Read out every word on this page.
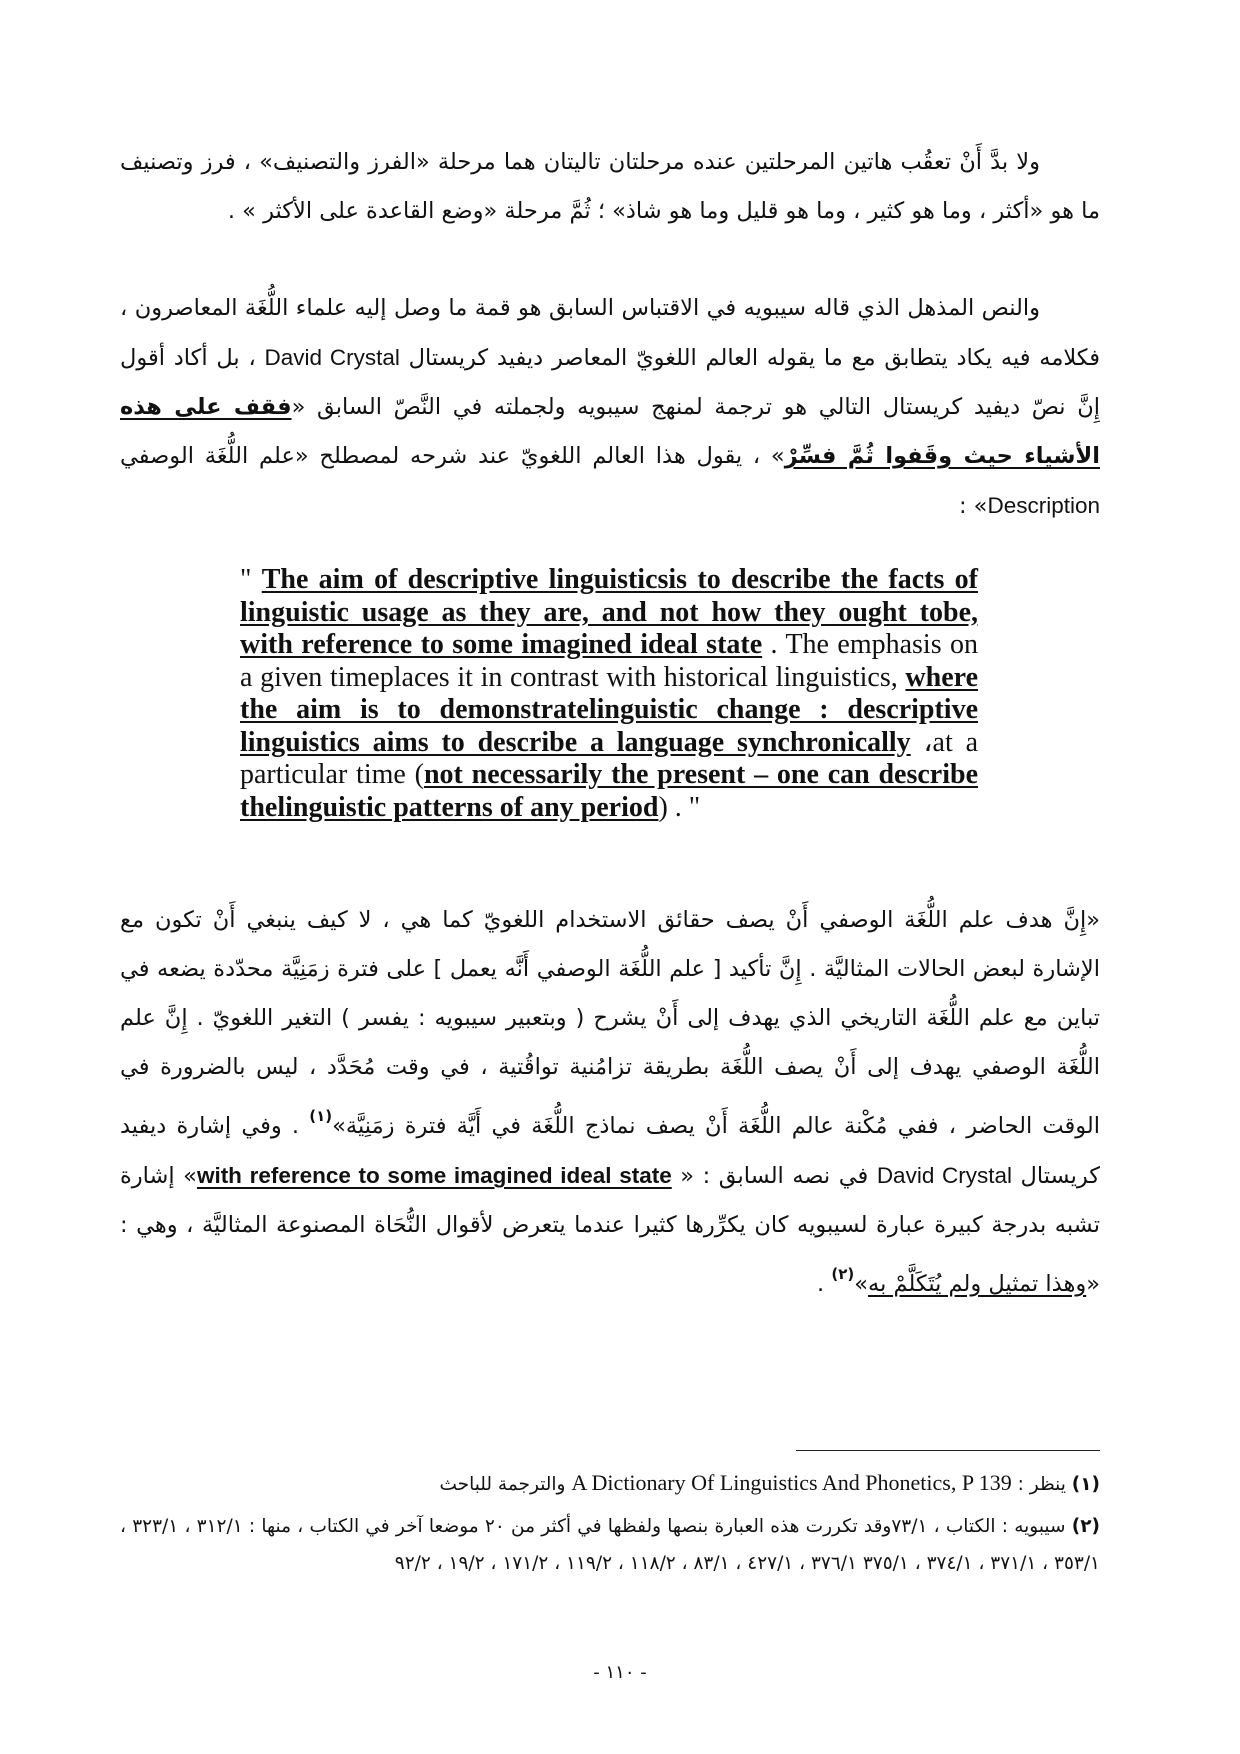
ولا بدَّ أَنْ تعقُب هاتين المرحلتين عنده مرحلتان تاليتان هما مرحلة «الفرز والتصنيف» ، فرز وتصنيف ما هو «أكثر ، وما هو كثير ، وما هو قليل وما هو شاذ» ؛ ثُمَّ مرحلة «وضع القاعدة على الأكثر » .

والنص المذهل الذي قاله سيبويه في الاقتباس السابق هو قمة ما وصل إليه علماء اللُّغَة المعاصرون ، فكلامه فيه يكاد يتطابق مع ما يقوله العالم اللغويّ المعاصر ديفيد كريستال David Crystal ، بل أكاد أقول إِنَّ نصّ ديفيد كريستال التالي هو ترجمة لمنهج سيبويه ولجملته في النَّصّ السابق «فقف على هذه الأشياء حيث وقَفوا ثُمَّ فسِّرْ» ، يقول هذا العالم اللغويّ عند شرحه لمصطلح «علم اللُّغَة الوصفي Description» :

" The aim of descriptive linguisticsis to describe the facts of linguistic usage as they are, and not how they ought tobe, with reference to some imagined ideal state . The emphasis on a given timeplaces it in contrast with historical linguistics, where the aim is to demonstratelinguistic change : descriptive linguistics aims to describe a language synchronically ،at a particular time (not necessarily the present – one can describe thelinguistic patterns of any period) . "

«إِنَّ هدف علم اللُّغَة الوصفي أَنْ يصف حقائق الاستخدام اللغويّ كما هي ، لا كيف ينبغي أَنْ تكون مع الإشارة لبعض الحالات المثاليَّة . إِنَّ تأكيد [ علم اللُّغَة الوصفي أَنَّه يعمل ] على فترة زمَنِيَّة محدّدة يضعه في تباين مع علم اللُّغَة التاريخي الذي يهدف إلى أَنْ يشرح ( وبتعبير سيبويه : يفسر ) التغير اللغويّ . إِنَّ علم اللُّغَة الوصفي يهدف إلى أَنْ يصف اللُّغَة بطريقة تزامُنية تواقُتية ، في وقت مُحَدَّد ، ليس بالضرورة في الوقت الحاضر ، ففي مُكْنة عالم اللُّغَة أَنْ يصف نماذج اللُّغَة في أَيَّة فترة زمَنِيَّة»$^{(١)}$ . وفي إشارة ديفيد كريستال David Crystal في نصه السابق : « with reference to some imagined ideal state» إشارة تشبه بدرجة كبيرة عبارة لسيبويه كان يكرِّرها كثيرا عندما يتعرض لأقوال النُّحَاة المصنوعة المثاليَّة ، وهي : «وهذا تمثيل ولم يُتَكَلَّمْ به»$^{(٢)}$ .

(١) ينظر : A Dictionary Of Linguistics And Phonetics, P 139 والترجمة للباحث

(٢) سيبويه : الكتاب ، ٧٣/١وقد تكررت هذه العبارة بنصها ولفظها في أكثر من ٢٠ موضعا آخر في الكتاب ، منها : ٣١٢/١ ، ٣٢٣/١ ، ٣٥٣/١ ، ٣٧١/١ ، ٣٧٤/١ ، ٣٧٥/١ ٣٧٦/١ ، ٤٢٧/١ ، ٨٣/١ ، ١١٨/٢ ، ١١٩/٢ ، ١٧١/٢ ، ١٩/٢ ، ٩٢/٢

- ١١٠ -
